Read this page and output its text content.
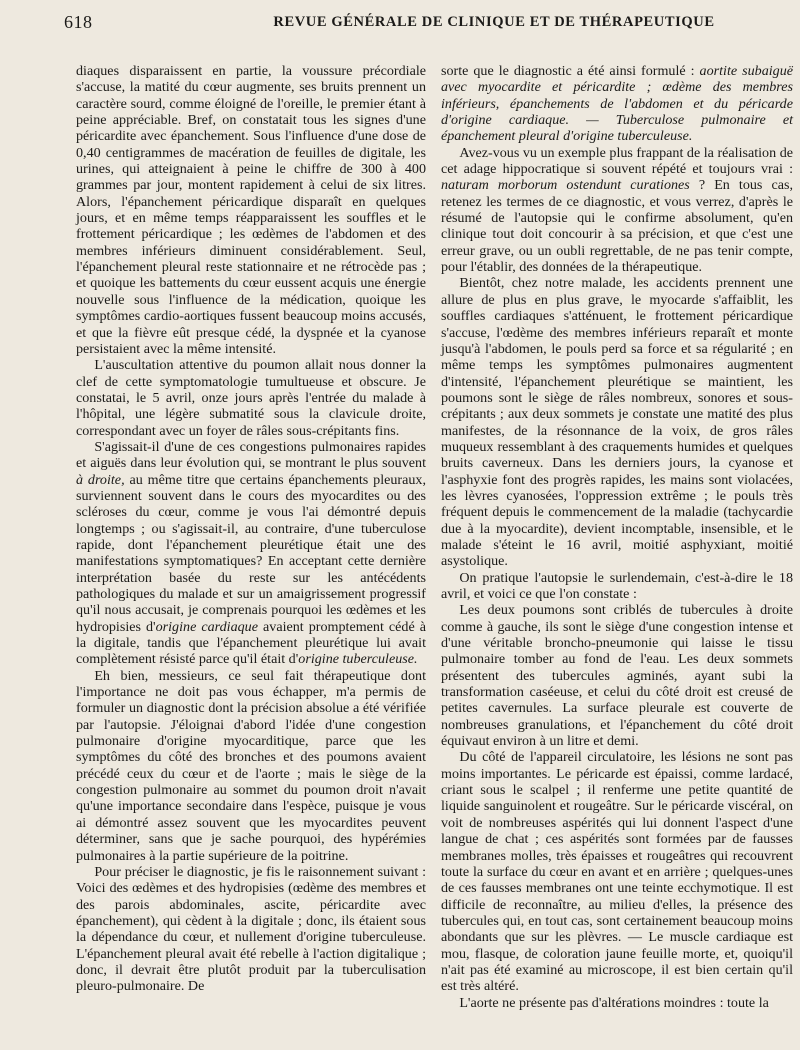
618	REVUE GÉNÉRALE DE CLINIQUE ET DE THÉRAPEUTIQUE

diaques disparaissent en partie, la voussure précordiale s'accuse, la matité du cœur augmente, ses bruits prennent un caractère sourd, comme éloigné de l'oreille, le premier étant à peine appréciable. Bref, on constatait tous les signes d'une péricardite avec épanchement. Sous l'influence d'une dose de 0,40 centigrammes de macération de feuilles de digitale, les urines, qui atteignaient à peine le chiffre de 300 à 400 grammes par jour, montent rapidement à celui de six litres. Alors, l'épanchement péricardique disparaît en quelques jours, et en même temps réapparaissent les souffles et le frottement péricardique ; les œdèmes de l'abdomen et des membres inférieurs diminuent considérablement. Seul, l'épanchement pleural reste stationnaire et ne rétrocède pas ; et quoique les battements du cœur eussent acquis une énergie nouvelle sous l'influence de la médication, quoique les symptômes cardio-aortiques fussent beaucoup moins accusés, et que la fièvre eût presque cédé, la dyspnée et la cyanose persistaient avec la même intensité.

L'auscultation attentive du poumon allait nous donner la clef de cette symptomatologie tumultueuse et obscure. Je constatai, le 5 avril, onze jours après l'entrée du malade à l'hôpital, une légère submatité sous la clavicule droite, correspondant avec un foyer de râles sous-crépitants fins.

S'agissait-il d'une de ces congestions pulmonaires rapides et aiguës dans leur évolution qui, se montrant le plus souvent à droite, au même titre que certains épanchements pleuraux, surviennent souvent dans le cours des myocardites ou des scléroses du cœur, comme je vous l'ai démontré depuis longtemps ; ou s'agissait-il, au contraire, d'une tuberculose rapide, dont l'épanchement pleurétique était une des manifestations symptomatiques? En acceptant cette dernière interprétation basée du reste sur les antécédents pathologiques du malade et sur un amaigrissement progressif qu'il nous accusait, je comprenais pourquoi les œdèmes et les hydropisies d'origine cardiaque avaient promptement cédé à la digitale, tandis que l'épanchement pleurétique lui avait complètement résisté parce qu'il était d'origine tuberculeuse.

Eh bien, messieurs, ce seul fait thérapeutique dont l'importance ne doit pas vous échapper, m'a permis de formuler un diagnostic dont la précision absolue a été vérifiée par l'autopsie. J'éloignai d'abord l'idée d'une congestion pulmonaire d'origine myocarditique, parce que les symptômes du côté des bronches et des poumons avaient précédé ceux du cœur et de l'aorte ; mais le siège de la congestion pulmonaire au sommet du poumon droit n'avait qu'une importance secondaire dans l'espèce, puisque je vous ai démontré assez souvent que les myocardites peuvent déterminer, sans que je sache pourquoi, des hypérémies pulmonaires à la partie supérieure de la poitrine.

Pour préciser le diagnostic, je fis le raisonnement suivant : Voici des œdèmes et des hydropisies (œdème des membres et des parois abdominales, ascite, péricardite avec épanchement), qui cèdent à la digitale ; donc, ils étaient sous la dépendance du cœur, et nullement d'origine tuberculeuse. L'épanchement pleural avait été rebelle à l'action digitalique ; donc, il devrait être plutôt produit par la tuberculisation pleuro-pulmonaire. De

sorte que le diagnostic a été ainsi formulé : aortite subaiguë avec myocardite et péricardite ; œdème des membres inférieurs, épanchements de l'abdomen et du péricarde d'origine cardiaque. — Tuberculose pulmonaire et épanchement pleural d'origine tuberculeuse.

Avez-vous vu un exemple plus frappant de la réalisation de cet adage hippocratique si souvent répété et toujours vrai : naturam morborum ostendunt curationes ? En tous cas, retenez les termes de ce diagnostic, et vous verrez, d'après le résumé de l'autopsie qui le confirme absolument, qu'en clinique tout doit concourir à sa précision, et que c'est une erreur grave, ou un oubli regrettable, de ne pas tenir compte, pour l'établir, des données de la thérapeutique.

Bientôt, chez notre malade, les accidents prennent une allure de plus en plus grave, le myocarde s'affaiblit, les souffles cardiaques s'atténuent, le frottement péricardique s'accuse, l'œdème des membres inférieurs reparaît et monte jusqu'à l'abdomen, le pouls perd sa force et sa régularité ; en même temps les symptômes pulmonaires augmentent d'intensité, l'épanchement pleurétique se maintient, les poumons sont le siège de râles nombreux, sonores et sous-crépitants ; aux deux sommets je constate une matité des plus manifestes, de la résonnance de la voix, de gros râles muqueux ressemblant à des craquements humides et quelques bruits caverneux. Dans les derniers jours, la cyanose et l'asphyxie font des progrès rapides, les mains sont violacées, les lèvres cyanosées, l'oppression extrême ; le pouls très fréquent depuis le commencement de la maladie (tachycardie due à la myocardite), devient incomptable, insensible, et le malade s'éteint le 16 avril, moitié asphyxiant, moitié asystolique.

On pratique l'autopsie le surlendemain, c'est-à-dire le 18 avril, et voici ce que l'on constate :

Les deux poumons sont criblés de tubercules à droite comme à gauche, ils sont le siège d'une congestion intense et d'une véritable broncho-pneumonie qui laisse le tissu pulmonaire tomber au fond de l'eau. Les deux sommets présentent des tubercules agminés, ayant subi la transformation caséeuse, et celui du côté droit est creusé de petites cavernules. La surface pleurale est couverte de nombreuses granulations, et l'épanchement du côté droit équivaut environ à un litre et demi.

Du côté de l'appareil circulatoire, les lésions ne sont pas moins importantes. Le péricarde est épaissi, comme lardacé, criant sous le scalpel ; il renferme une petite quantité de liquide sanguinolent et rougeâtre. Sur le péricarde viscéral, on voit de nombreuses aspérités qui lui donnent l'aspect d'une langue de chat ; ces aspérités sont formées par de fausses membranes molles, très épaisses et rougeâtres qui recouvrent toute la surface du cœur en avant et en arrière ; quelques-unes de ces fausses membranes ont une teinte ecchymotique. Il est difficile de reconnaître, au milieu d'elles, la présence des tubercules qui, en tout cas, sont certainement beaucoup moins abondants que sur les plèvres. — Le muscle cardiaque est mou, flasque, de coloration jaune feuille morte, et, quoiqu'il n'ait pas été examiné au microscope, il est bien certain qu'il est très altéré.

L'aorte ne présente pas d'altérations moindres : toute la
